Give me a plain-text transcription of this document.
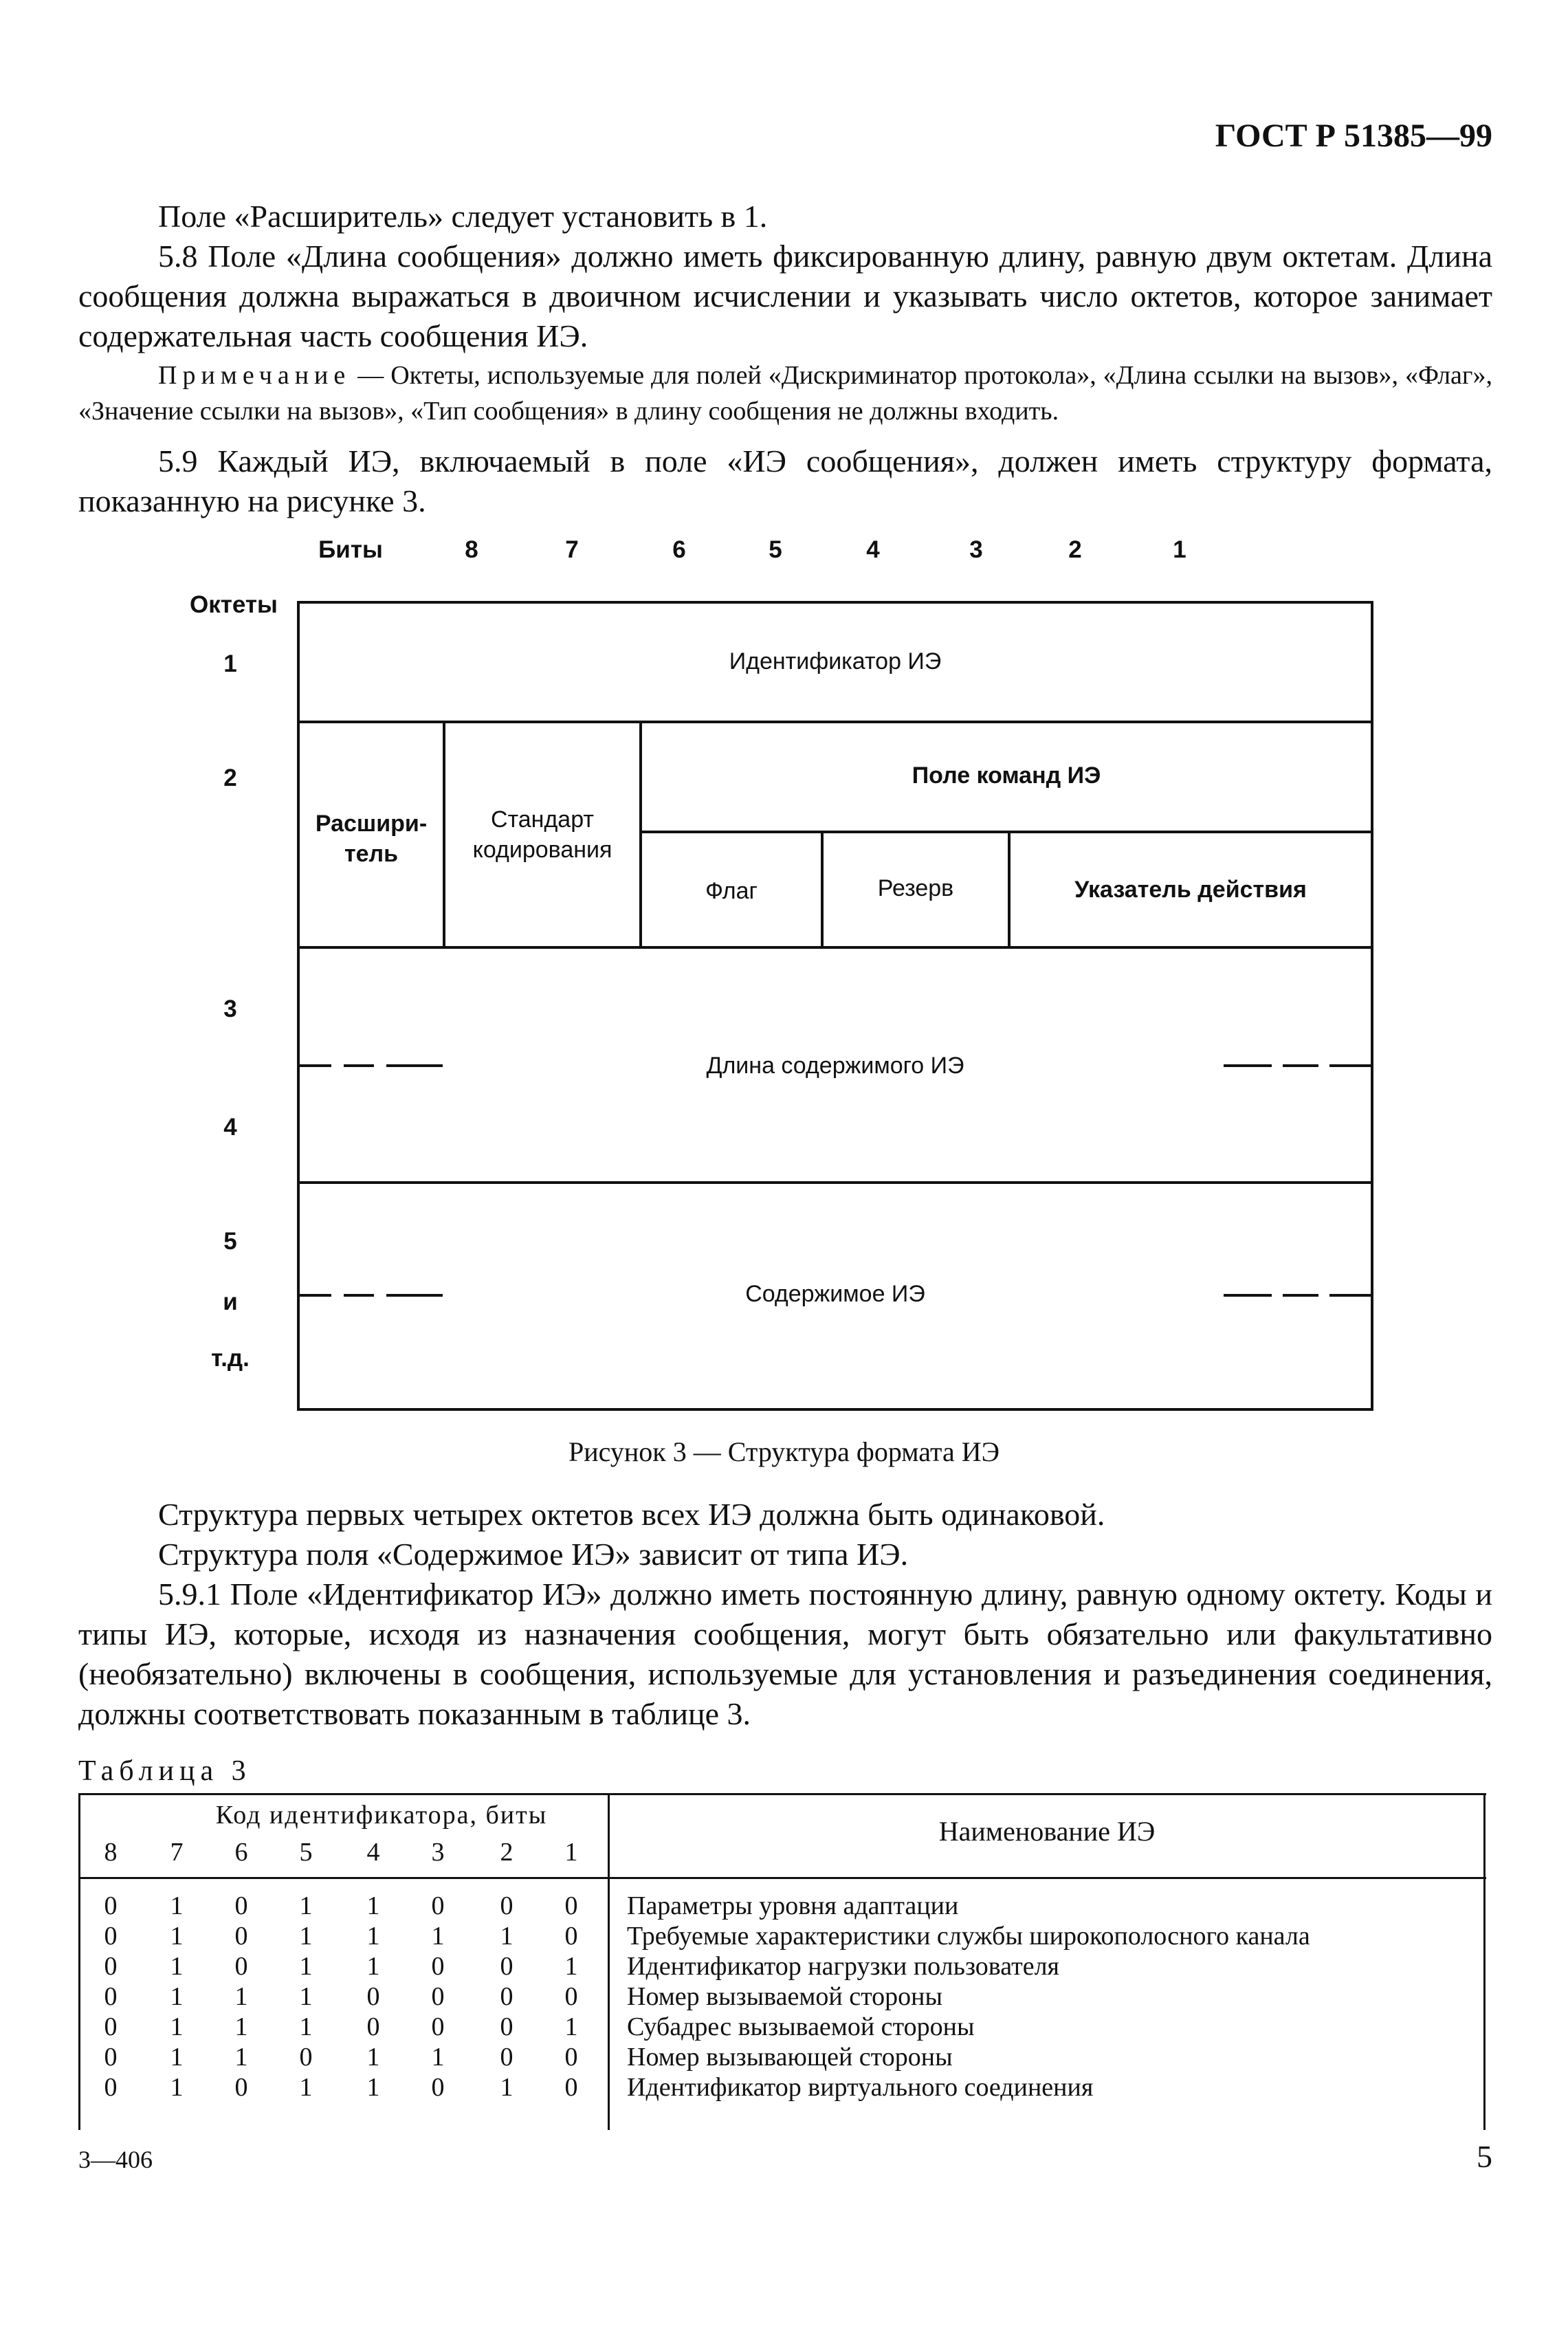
ГОСТ Р 51385—99
Поле «Расширитель» следует установить в 1.
5.8 Поле «Длина сообщения» должно иметь фиксированную длину, равную двум октетам. Длина сообщения должна выражаться в двоичном исчислении и указывать число октетов, которое занимает содержательная часть сообщения ИЭ.
Примечание — Октеты, используемые для полей «Дискриминатор протокола», «Длина ссылки на вызов», «Флаг», «Значение ссылки на вызов», «Тип сообщения» в длину сообщения не должны входить.
5.9 Каждый ИЭ, включаемый в поле «ИЭ сообщения», должен иметь структуру формата, показанную на рисунке 3.
Биты	8	7	6	5	4	3	2	1
Октеты
1
2
3
4
5
и
т.д.
Идентификатор ИЭ
Расшири-
тель
Стандарт
кодирования
Поле команд ИЭ
Флаг	Резерв	Указатель действия
Длина содержимого ИЭ
Содержимое ИЭ
Рисунок 3 — Структура формата ИЭ
Структура первых четырех октетов всех ИЭ должна быть одинаковой.
Структура поля «Содержимое ИЭ» зависит от типа ИЭ.
5.9.1 Поле «Идентификатор ИЭ» должно иметь постоянную длину, равную одному октету. Коды и типы ИЭ, которые, исходя из назначения сообщения, могут быть обязательно или факультативно (необязательно) включены в сообщения, используемые для установления и разъединения соединения, должны соответствовать показанным в таблице 3.
Таблица 3
Код идентификатора, биты
Наименование ИЭ
8	7	6	5	4	3	2	1
0	1	0	1	1	0	0	0	Параметры уровня адаптации
0	1	0	1	1	1	1	0	Требуемые характеристики службы широкополосного канала
0	1	0	1	1	0	0	1	Идентификатор нагрузки пользователя
0	1	1	1	0	0	0	0	Номер вызываемой стороны
0	1	1	1	0	0	0	1	Субадрес вызываемой стороны
0	1	1	0	1	1	0	0	Номер вызывающей стороны
0	1	0	1	1	0	1	0	Идентификатор виртуального соединения
3—406	5
